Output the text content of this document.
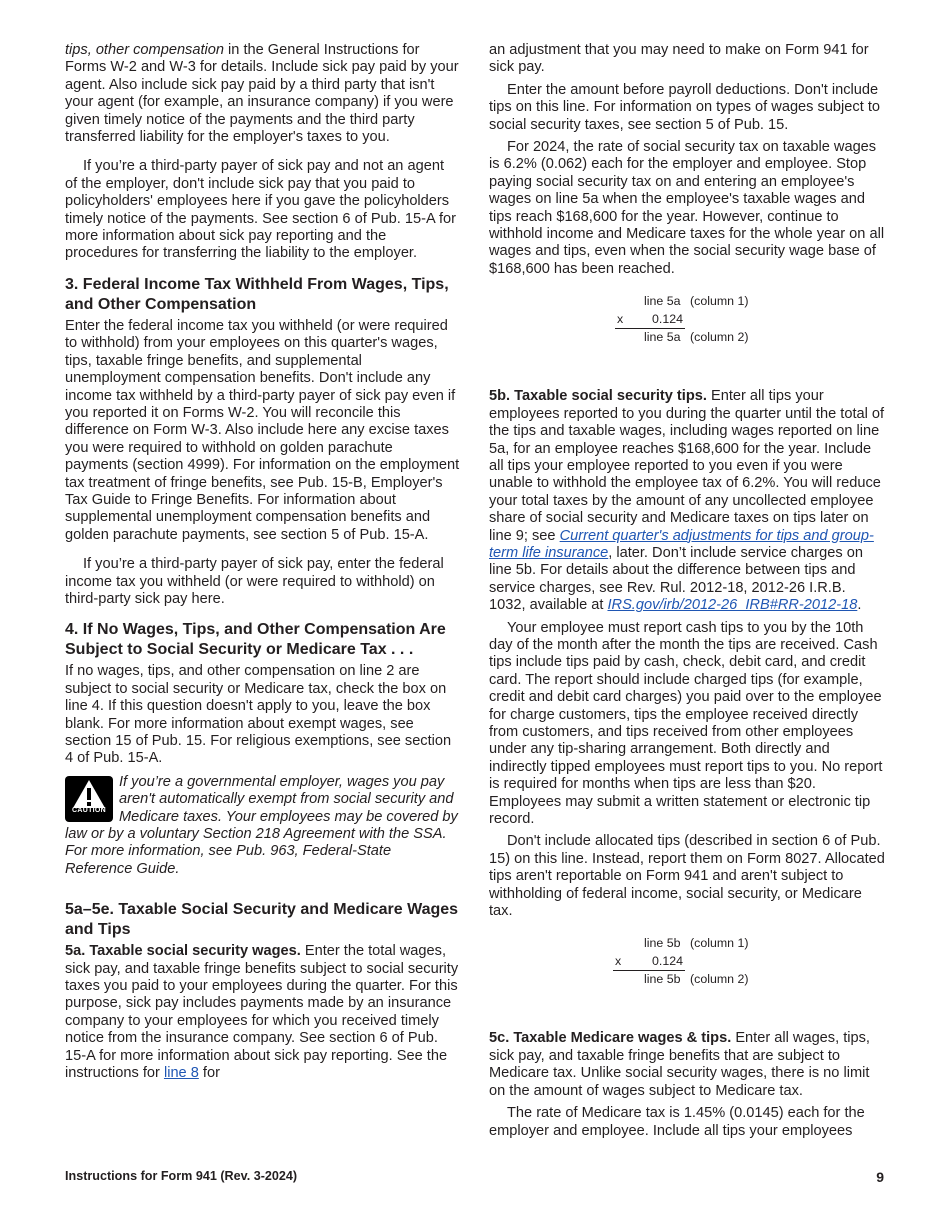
tips, other compensation in the General Instructions for Forms W-2 and W-3 for details. Include sick pay paid by your agent. Also include sick pay paid by a third party that isn't your agent (for example, an insurance company) if you were given timely notice of the payments and the third party transferred liability for the employer's taxes to you.

If you’re a third-party payer of sick pay and not an agent of the employer, don't include sick pay that you paid to policyholders' employees here if you gave the policyholders timely notice of the payments. See section 6 of Pub. 15-A for more information about sick pay reporting and the procedures for transferring the liability to the employer.

3. Federal Income Tax Withheld From Wages, Tips, and Other Compensation

Enter the federal income tax you withheld (or were required to withhold) from your employees on this quarter's wages, tips, taxable fringe benefits, and supplemental unemployment compensation benefits. Don't include any income tax withheld by a third-party payer of sick pay even if you reported it on Forms W-2. You will reconcile this difference on Form W-3. Also include here any excise taxes you were required to withhold on golden parachute payments (section 4999). For information on the employment tax treatment of fringe benefits, see Pub. 15-B, Employer's Tax Guide to Fringe Benefits. For information about supplemental unemployment compensation benefits and golden parachute payments, see section 5 of Pub. 15-A.

If you’re a third-party payer of sick pay, enter the federal income tax you withheld (or were required to withhold) on third-party sick pay here.

4. If No Wages, Tips, and Other Compensation Are Subject to Social Security or Medicare Tax . . .

If no wages, tips, and other compensation on line 2 are subject to social security or Medicare tax, check the box on line 4. If this question doesn't apply to you, leave the box blank. For more information about exempt wages, see section 15 of Pub. 15. For religious exemptions, see section 4 of Pub. 15-A.

CAUTION
If you’re a governmental employer, wages you pay aren't automatically exempt from social security and Medicare taxes. Your employees may be covered by law or by a voluntary Section 218 Agreement with the SSA. For more information, see Pub. 963, Federal-State Reference Guide.
5a–5e. Taxable Social Security and Medicare Wages and Tips

5a. Taxable social security wages. Enter the total wages, sick pay, and taxable fringe benefits subject to social security taxes you paid to your employees during the quarter. For this purpose, sick pay includes payments made by an insurance company to your employees for which you received timely notice from the insurance company. See section 6 of Pub. 15-A for more information about sick pay reporting. See the instructions for line 8 for

an adjustment that you may need to make on Form 941 for sick pay.

Enter the amount before payroll deductions. Don't include tips on this line. For information on types of wages subject to social security taxes, see section 5 of Pub. 15.

For 2024, the rate of social security tax on taxable wages is 6.2% (0.062) each for the employer and employee. Stop paying social security tax on and entering an employee's wages on line 5a when the employee's taxable wages and tips reach $168,600 for the year. However, continue to withhold income and Medicare taxes for the whole year on all wages and tips, even when the social security wage base of $168,600 has been reached.

line 5a (column 1)
x 0.124
line 5a (column 2)

5b. Taxable social security tips. Enter all tips your employees reported to you during the quarter until the total of the tips and taxable wages, including wages reported on line 5a, for an employee reaches $168,600 for the year. Include all tips your employee reported to you even if you were unable to withhold the employee tax of 6.2%. You will reduce your total taxes by the amount of any uncollected employee share of social security and Medicare taxes on tips later on line 9; see Current quarter's adjustments for tips and group-term life insurance, later. Don’t include service charges on line 5b. For details about the difference between tips and service charges, see Rev. Rul. 2012-18, 2012-26 I.R.B. 1032, available at IRS.gov/irb/2012-26_IRB#RR-2012-18.

Your employee must report cash tips to you by the 10th day of the month after the month the tips are received. Cash tips include tips paid by cash, check, debit card, and credit card. The report should include charged tips (for example, credit and debit card charges) you paid over to the employee for charge customers, tips the employee received directly from customers, and tips received from other employees under any tip-sharing arrangement. Both directly and indirectly tipped employees must report tips to you. No report is required for months when tips are less than $20. Employees may submit a written statement or electronic tip record.

Don't include allocated tips (described in section 6 of Pub. 15) on this line. Instead, report them on Form 8027. Allocated tips aren't reportable on Form 941 and aren't subject to withholding of federal income, social security, or Medicare tax.

line 5b (column 1)
x 0.124
line 5b (column 2)

5c. Taxable Medicare wages & tips. Enter all wages, tips, sick pay, and taxable fringe benefits that are subject to Medicare tax. Unlike social security wages, there is no limit on the amount of wages subject to Medicare tax.

The rate of Medicare tax is 1.45% (0.0145) each for the employer and employee. Include all tips your employees

Instructions for Form 941 (Rev. 3-2024)	9
